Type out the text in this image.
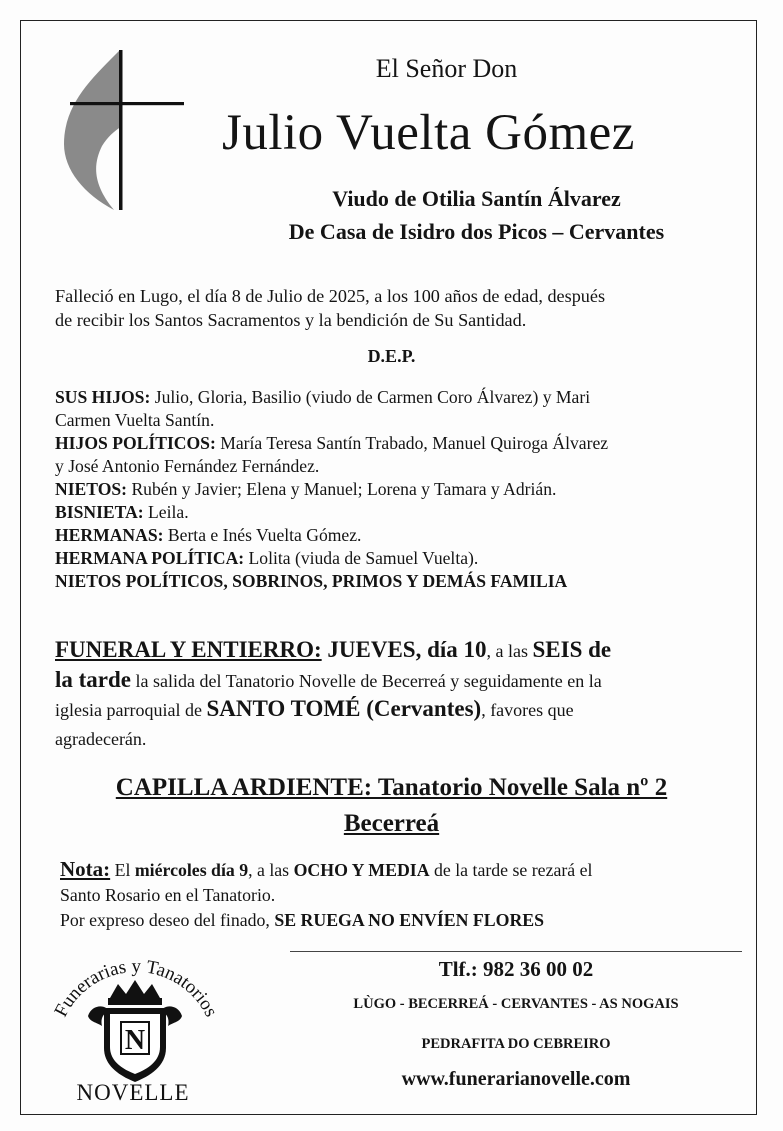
El Señor Don
Julio Vuelta Gómez
Viudo de Otilia Santín Álvarez
De Casa de Isidro dos Picos – Cervantes
Falleció en Lugo, el día 8 de Julio de 2025, a los 100 años de edad, después
de recibir los Santos Sacramentos y la bendición de Su Santidad.
D.E.P.
SUS HIJOS: Julio, Gloria, Basilio (viudo de Carmen Coro Álvarez) y Mari
Carmen Vuelta Santín.
HIJOS POLÍTICOS: María Teresa Santín Trabado, Manuel Quiroga Álvarez
y José Antonio Fernández Fernández.
NIETOS: Rubén y Javier; Elena y Manuel; Lorena y Tamara y Adrián.
BISNIETA: Leila.
HERMANAS: Berta e Inés Vuelta Gómez.
HERMANA POLÍTICA: Lolita (viuda de Samuel Vuelta).
NIETOS POLÍTICOS, SOBRINOS, PRIMOS Y DEMÁS FAMILIA
FUNERAL Y ENTIERRO: JUEVES, día 10, a las SEIS de
la tarde la salida del Tanatorio Novelle de Becerreá y seguidamente en la
iglesia parroquial de SANTO TOMÉ (Cervantes), favores que
agradecerán.
CAPILLA ARDIENTE: Tanatorio Novelle Sala nº 2
Becerreá
Nota: El miércoles día 9, a las OCHO Y MEDIA de la tarde se rezará el
Santo Rosario en el Tanatorio.
Por expreso deseo del finado, SE RUEGA NO ENVÍEN FLORES
Tlf.: 982 36 00 02
LÙGO - BECERREÁ - CERVANTES - AS NOGAIS
PEDRAFITA DO CEBREIRO
www.funerarianovelle.com
Funerarias y Tanatorios
N
NOVELLE
